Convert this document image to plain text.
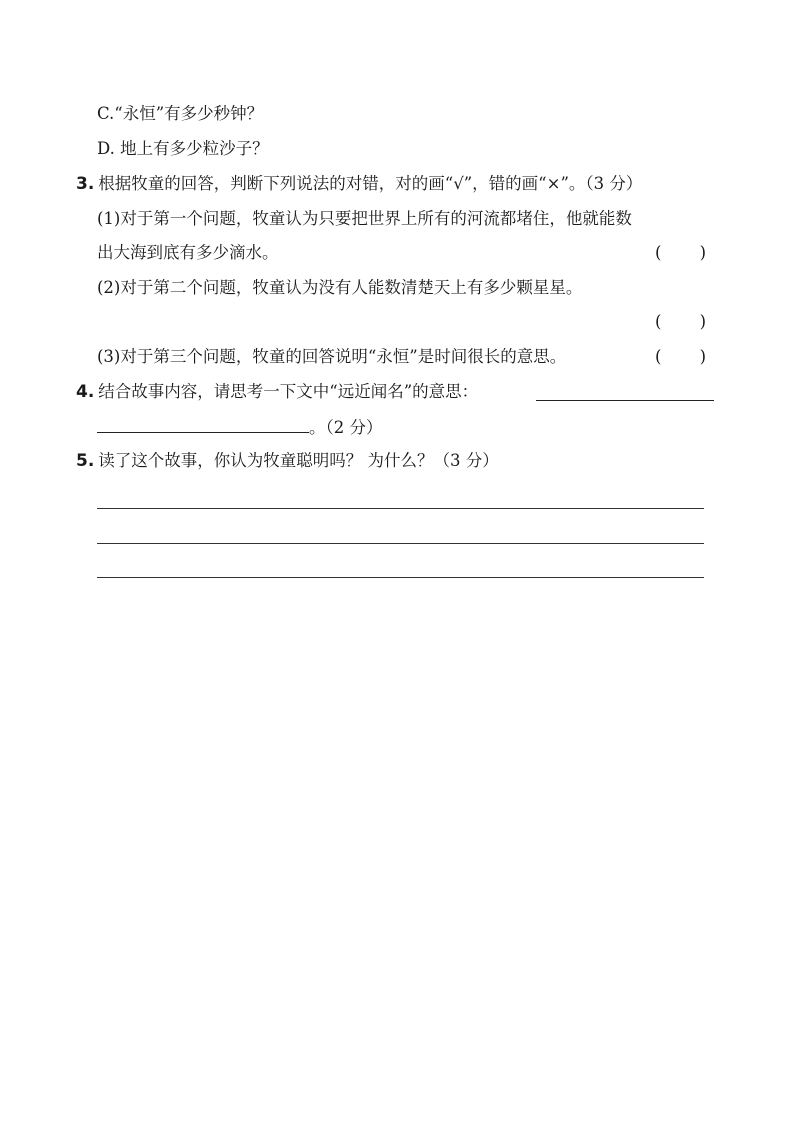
C.“永恒”有多少秒钟？
D. 地上有多少粒沙子？
3. 根据牧童的回答，判断下列说法的对错，对的画“√”，错的画“×”。（3 分）
(1)对于第一个问题，牧童认为只要把世界上所有的河流都堵住，他就能数
出大海到底有多少滴水。	(　 　)
(2)对于第二个问题，牧童认为没有人能数清楚天上有多少颗星星。
(　 　)
(3)对于第三个问题，牧童的回答说明“永恒”是时间很长的意思。	(　 　)
4. 结合故事内容，请思考一下文中“远近闻名”的意思：
。（2 分）
5. 读了这个故事，你认为牧童聪明吗？ 为什么？（3 分）
